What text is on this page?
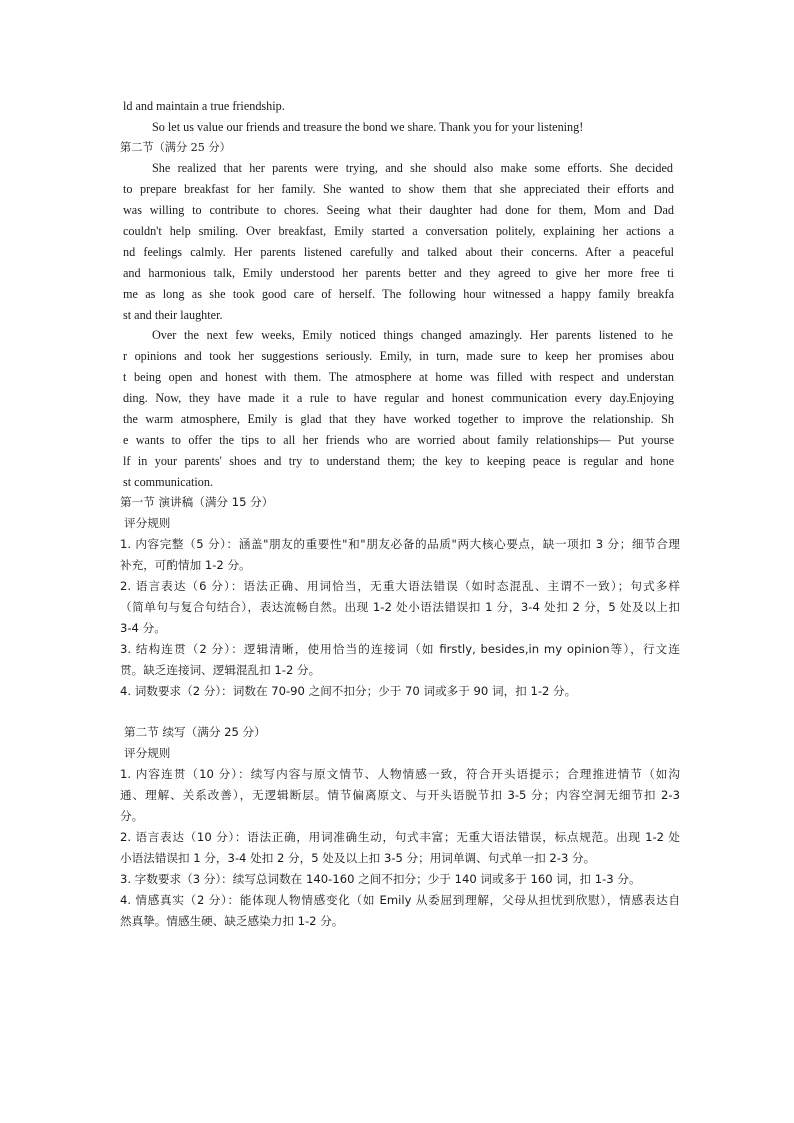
ld and maintain a true friendship.

So let us value our friends and treasure the bond we share. Thank you for your listening!

第二节（满分 25 分）

She realized that her parents were trying, and she should also make some efforts. She decided

to prepare breakfast for her family. She wanted to show them that she appreciated their efforts and

was willing to contribute to chores. Seeing what their daughter had done for them, Mom and Dad

couldn't help smiling. Over breakfast, Emily started a conversation politely, explaining her actions a

nd feelings calmly. Her parents listened carefully and talked about their concerns. After a peaceful

and harmonious talk, Emily understood her parents better and they agreed to give her more free ti

me as long as she took good care of herself. The following hour witnessed a happy family breakfa

st and their laughter.

Over the next few weeks, Emily noticed things changed amazingly. Her parents listened to he

r opinions and took her suggestions seriously. Emily, in turn, made sure to keep her promises abou

t being open and honest with them. The atmosphere at home was filled with respect and understan

ding. Now, they have made it a rule to have regular and honest communication every day.Enjoying

the warm atmosphere, Emily is glad that they have worked together to improve the relationship. Sh

e wants to offer the tips to all her friends who are worried about family relationships— Put yourse

lf in your parents' shoes and try to understand them; the key to keeping peace is regular and hone

st communication.

第一节 演讲稿（满分 15 分）

评分规则

1. 内容完整（5 分）：涵盖"朋友的重要性"和"朋友必备的品质"两大核心要点，缺一项扣 3 分；细节合理

补充，可酌情加 1-2 分。

2. 语言表达（6 分）：语法正确、用词恰当，无重大语法错误（如时态混乱、主谓不一致）；句式多样

（简单句与复合句结合），表达流畅自然。出现 1-2 处小语法错误扣 1 分，3-4 处扣 2 分，5 处及以上扣

3-4 分。

3. 结构连贯（2 分）：逻辑清晰，使用恰当的连接词（如 firstly, besides,in my opinion等），行文连

贯。缺乏连接词、逻辑混乱扣 1-2 分。

4. 词数要求（2 分）：词数在 70-90 之间不扣分；少于 70 词或多于 90 词，扣 1-2 分。

第二节 续写（满分 25 分）

评分规则

1. 内容连贯（10 分）：续写内容与原文情节、人物情感一致，符合开头语提示；合理推进情节（如沟

通、理解、关系改善），无逻辑断层。情节偏离原文、与开头语脱节扣 3-5 分；内容空洞无细节扣 2-3

分。

2. 语言表达（10 分）：语法正确，用词准确生动，句式丰富；无重大语法错误，标点规范。出现 1-2 处

小语法错误扣 1 分，3-4 处扣 2 分，5 处及以上扣 3-5 分；用词单调、句式单一扣 2-3 分。

3. 字数要求（3 分）：续写总词数在 140-160 之间不扣分；少于 140 词或多于 160 词，扣 1-3 分。

4. 情感真实（2 分）：能体现人物情感变化（如 Emily 从委屈到理解，父母从担忧到欣慰），情感表达自

然真挚。情感生硬、缺乏感染力扣 1-2 分。
